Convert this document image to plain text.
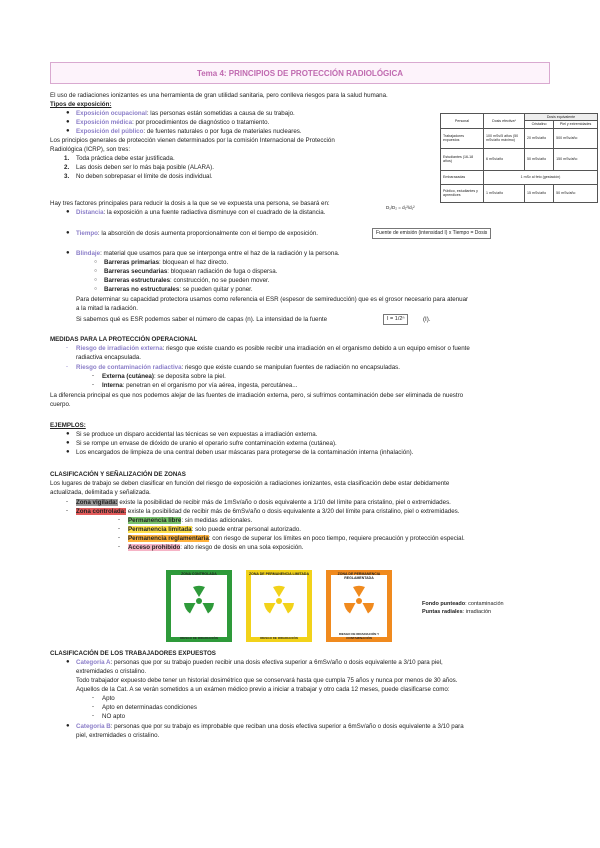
Tema 4: PRINCIPIOS DE PROTECCIÓN RADIOLÓGICA
El uso de radiaciones ionizantes es una herramienta de gran utilidad sanitaria, pero conlleva riesgos para la salud humana.
Tipos de exposición:
● Exposición ocupacional: las personas están sometidas a causa de su trabajo.
● Exposición médica: por procedimientos de diagnóstico o tratamiento.
● Exposición del público: de fuentes naturales o por fuga de materiales nucleares.
Los principios generales de protección vienen determinados por la comisión Internacional de Protección
Radiológica (ICRP), son tres:
1. Toda práctica debe estar justificada.
2. Las dosis deben ser lo más baja posible (ALARA).
3. No deben sobrepasar el límite de dosis individual.
Personal	Dosis efectiva*	Dosis equivalente	
		Cristalino	Piel y extremidades
Trabajadores expuestos	100 mSv/5 años (50 mSv/año máximo)	20 mSv/año	500 mSv/año
Estudiantes (16-18 años)	6 mSv/año	50 mSv/año	150 mSv/año
Embarazadas	1 mSv al feto (gestación)		
Público, estudiantes y aprendices	1 mSv/año	15 mSv/año	50 mSv/año
Hay tres factores principales para reducir la dosis a la que se ve expuesta una persona, se basará en:
● Distancia: la exposición a una fuente radiactiva disminuye con el cuadrado de la distancia.
D₁/D₂ = d₂²/d₁²
● Tiempo: la absorción de dosis aumenta proporcionalmente con el tiempo de exposición.	Fuente de emisión (intensidad I) x Tiempo = Dosis
● Blindaje: material que usamos para que se interponga entre el haz de la radiación y la persona.
○ Barreras primarias: bloquean el haz directo.
○ Barreras secundarias: bloquean radiación de fuga o dispersa.
○ Barreras estructurales: construcción, no se pueden mover.
○ Barreras no estructurales: se pueden quitar y poner.
Para determinar su capacidad protectora usamos como referencia el ESR (espesor de semireducción) que es el grosor necesario para atenuar
a la mitad la radiación.
Si sabemos qué es ESR podemos saber el número de capas (n). La intensidad de la fuente	I = 1/2ⁿ	(I).
MEDIDAS PARA LA PROTECCIÓN OPERACIONAL
- Riesgo de irradiación externa: riesgo que existe cuando es posible recibir una irradiación en el organismo debido a un equipo emisor o fuente
radiactiva encapsulada.
- Riesgo de contaminación radiactiva: riesgo que existe cuando se manipulan fuentes de radiación no encapsuladas.
- Externa (cutánea): se deposita sobre la piel.
- Interna: penetran en el organismo por vía aérea, ingesta, percutánea...
La diferencia principal es que nos podemos alejar de las fuentes de irradiación externa, pero, si sufrimos contaminación debe ser eliminada de nuestro
cuerpo.
EJEMPLOS:
● Si se produce un disparo accidental las técnicas se ven expuestas a irradiación externa.
● Si se rompe un envase de dióxido de uranio el operario sufre contaminación externa (cutánea).
● Los encargados de limpieza de una central deben usar máscaras para protegerse de la contaminación interna (inhalación).
CLASIFICACIÓN Y SEÑALIZACIÓN DE ZONAS
Los lugares de trabajo se deben clasificar en función del riesgo de exposición a radiaciones ionizantes, esta clasificación debe estar debidamente
actualizada, delimitada y señalizada.
- Zona vigilada: existe la posibilidad de recibir más de 1mSv/año o dosis equivalente a 1/10 del límite para cristalino, piel o extremidades.
- Zona controlada: existe la posibilidad de recibir más de 6mSv/año o dosis equivalente a 3/20 del límite para cristalino, piel o extremidades.
- Permanencia libre: sin medidas adicionales.
- Permanencia limitada: solo puede entrar personal autorizado.
- Permanencia reglamentaria: con riesgo de superar los límites en poco tiempo, requiere precaución y protección especial.
- Acceso prohibido: alto riesgo de dosis en una sola exposición.
ZONA CONTROLADA
RIESGO DE IRRADIACIÓN
ZONA DE PERMANENCIA LIMITADA
RIESGO DE IRRADIACIÓN
ZONA DE PERMANENCIA REGLAMENTADA
RIESGO DE IRRADIACIÓN Y CONTAMINACIÓN
Fondo punteado: contaminación
Puntas radiales: irradiación
CLASIFICACIÓN DE LOS TRABAJADORES EXPUESTOS
● Categoría A: personas que por su trabajo pueden recibir una dosis efectiva superior a 6mSv/año o dosis equivalente a 3/10 para piel,
extremidades o cristalino.
Todo trabajador expuesto debe tener un historial dosimétrico que se conservará hasta que cumpla 75 años y nunca por menos de 30 años.
Aquellos de la Cat. A se verán sometidos a un exámen médico previo a iniciar a trabajar y otro cada 12 meses, puede clasificarse como:
- Apto
- Apto en determinadas condiciones
- NO apto
● Categoría B: personas que por su trabajo es improbable que reciban una dosis efectiva superior a 6mSv/año o dosis equivalente a 3/10 para
piel, extremidades o cristalino.
